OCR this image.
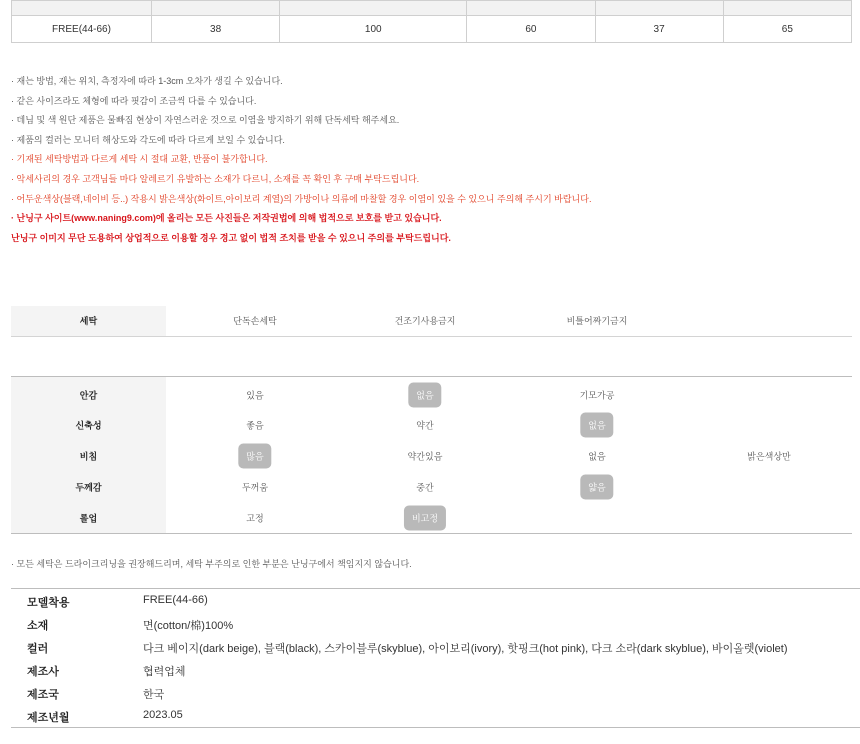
FREE(44-66)	38	100	60	37	65
· 재는 방법, 재는 위치, 측정자에 따라 1-3cm 오차가 생길 수 있습니다.
· 같은 사이즈라도 체형에 따라 핏감이 조금씩 다를 수 있습니다.
· 데님 및 색 원단 제품은 물빠짐 현상이 자연스러운 것으로 이염을 방지하기 위해 단독세탁 해주세요.
· 제품의 컬러는 모니터 해상도와 각도에 따라 다르게 보일 수 있습니다.
· 기재된 세탁방법과 다르게 세탁 시 절대 교환, 반품이 불가합니다.
· 악세사리의 경우 고객님들 마다 알레르기 유발하는 소재가 다르니, 소재를 꼭 확인 후 구매 부탁드립니다.
· 어두운색상(블랙,네이비 등..) 작용시 밝은색상(화이트,아이보리 계열)의 가방이나 의류에 마찰할 경우 이염이 있을 수 있으니 주의해 주시기 바랍니다.
· 난닝구 사이트(www.naning9.com)에 올리는 모든 사진들은 저작권법에 의해 법적으로 보호를 받고 있습니다.
난닝구 이미지 무단 도용하여 상업적으로 이용할 경우 경고 없이 법적 조치를 받을 수 있으니 주의를 부탁드립니다.
세탁	단독손세탁	건조기사용금지	비틀어짜기금지
안감	있음	없음	기모가공
신축성	좋음	약간	없음
비침	많음	약간있음	없음	밝은색상만
두께감	두꺼움	중간	얇음
롤업	고정	비고정
· 모든 세탁은 드라이크리닝을 권장해드리며, 세탁 부주의로 인한 부분은 난닝구에서 책임지지 않습니다.
모델착용	FREE(44-66)
소재	면(cotton/棉)100%
컬러	다크 베이지(dark beige), 블랙(black), 스카이블루(skyblue), 아이보리(ivory), 핫핑크(hot pink), 다크 소라(dark skyblue), 바이올렛(violet)
제조사	협력업체
제조국	한국
제조년월	2023.05
